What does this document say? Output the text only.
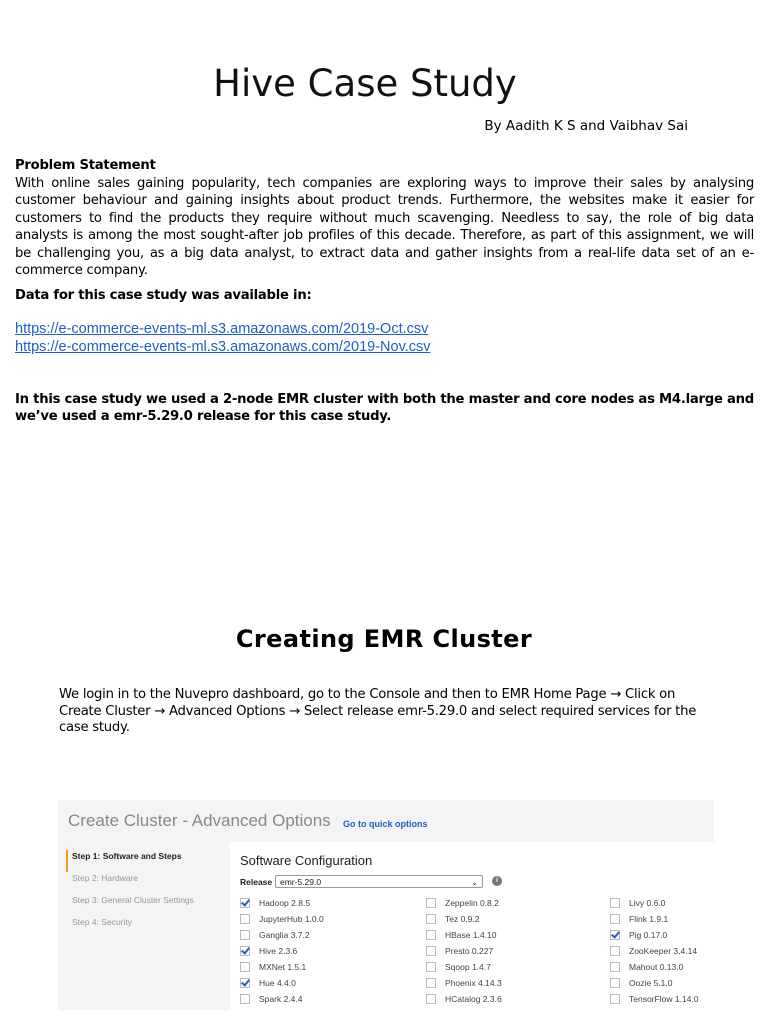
Hive Case Study
By Aadith K S and Vaibhav Sai
Problem Statement
With online sales gaining popularity, tech companies are exploring ways to improve their sales by analysing customer behaviour and gaining insights about product trends. Furthermore, the websites make it easier for customers to find the products they require without much scavenging. Needless to say, the role of big data analysts is among the most sought-after job profiles of this decade. Therefore, as part of this assignment, we will be challenging you, as a big data analyst, to extract data and gather insights from a real-life data set of an e-commerce company.
Data for this case study was available in:
https://e-commerce-events-ml.s3.amazonaws.com/2019-Oct.csv
https://e-commerce-events-ml.s3.amazonaws.com/2019-Nov.csv
In this case study we used a 2-node EMR cluster with both the master and core nodes as M4.large and we’ve used a emr-5.29.0 release for this case study.
Creating EMR Cluster
We login in to the Nuvepro dashboard, go to the Console and then to EMR Home Page → Click on Create Cluster → Advanced Options → Select release emr-5.29.0 and select required services for the case study.
Create Cluster - Advanced Options Go to quick options
Step 1: Software and Steps
Step 2: Hardware
Step 3: General Cluster Settings
Step 4: Security
Software Configuration
Release emr-5.29.0	⌄	i
Hadoop 2.8.5
JupyterHub 1.0.0
Ganglia 3.7.2
Hive 2.3.6
MXNet 1.5.1
Hue 4.4.0
Spark 2.4.4
Zeppelin 0.8.2
Tez 0.9.2
HBase 1.4.10
Presto 0.227
Sqoop 1.4.7
Phoenix 4.14.3
HCatalog 2.3.6
Livy 0.6.0
Flink 1.9.1
Pig 0.17.0
ZooKeeper 3.4.14
Mahout 0.13.0
Oozie 5.1.0
TensorFlow 1.14.0
